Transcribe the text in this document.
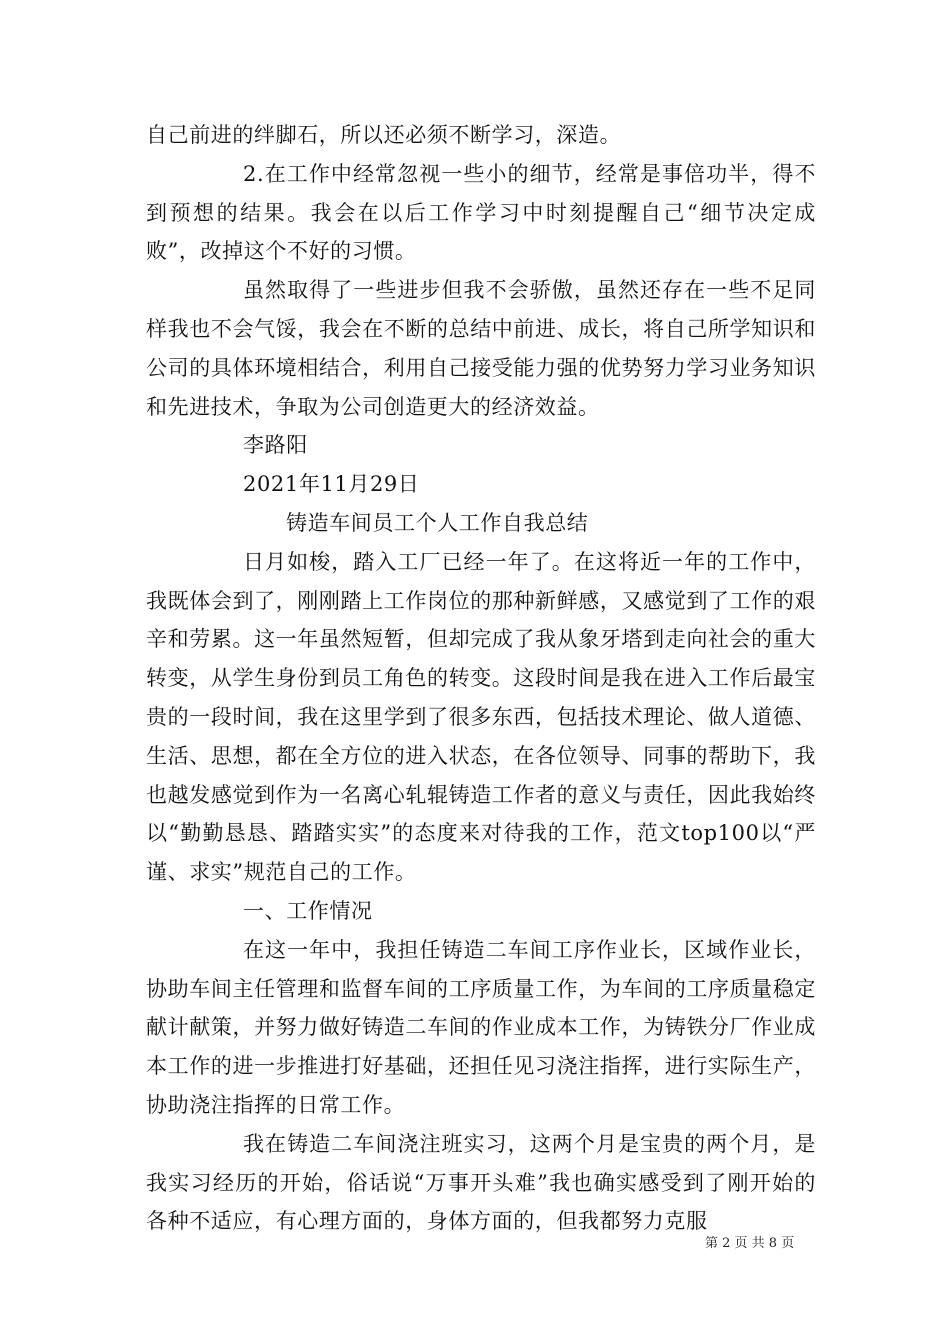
自己前进的绊脚石，所以还必须不断学习，深造。

2.在工作中经常忽视一些小的细节，经常是事倍功半，得不到预想的结果。我会在以后工作学习中时刻提醒自己“细节决定成败”，改掉这个不好的习惯。

虽然取得了一些进步但我不会骄傲，虽然还存在一些不足同样我也不会气馁，我会在不断的总结中前进、成长，将自己所学知识和公司的具体环境相结合，利用自己接受能力强的优势努力学习业务知识和先进技术，争取为公司创造更大的经济效益。

李路阳

2021年11月29日

铸造车间员工个人工作自我总结

日月如梭，踏入工厂已经一年了。在这将近一年的工作中，我既体会到了，刚刚踏上工作岗位的那种新鲜感，又感觉到了工作的艰辛和劳累。这一年虽然短暂，但却完成了我从象牙塔到走向社会的重大转变，从学生身份到员工角色的转变。这段时间是我在进入工作后最宝贵的一段时间，我在这里学到了很多东西，包括技术理论、做人道德、生活、思想，都在全方位的进入状态，在各位领导、同事的帮助下，我也越发感觉到作为一名离心轧辊铸造工作者的意义与责任，因此我始终以“勤勤恳恳、踏踏实实”的态度来对待我的工作，范文top100以“严谨、求实”规范自己的工作。

一、工作情况

在这一年中，我担任铸造二车间工序作业长，区域作业长，协助车间主任管理和监督车间的工序质量工作，为车间的工序质量稳定献计献策，并努力做好铸造二车间的作业成本工作，为铸铁分厂作业成本工作的进一步推进打好基础，还担任见习浇注指挥，进行实际生产，协助浇注指挥的日常工作。

我在铸造二车间浇注班实习，这两个月是宝贵的两个月，是我实习经历的开始，俗话说“万事开头难”我也确实感受到了刚开始的各种不适应，有心理方面的，身体方面的，但我都努力克服

第 2 页 共 8 页
